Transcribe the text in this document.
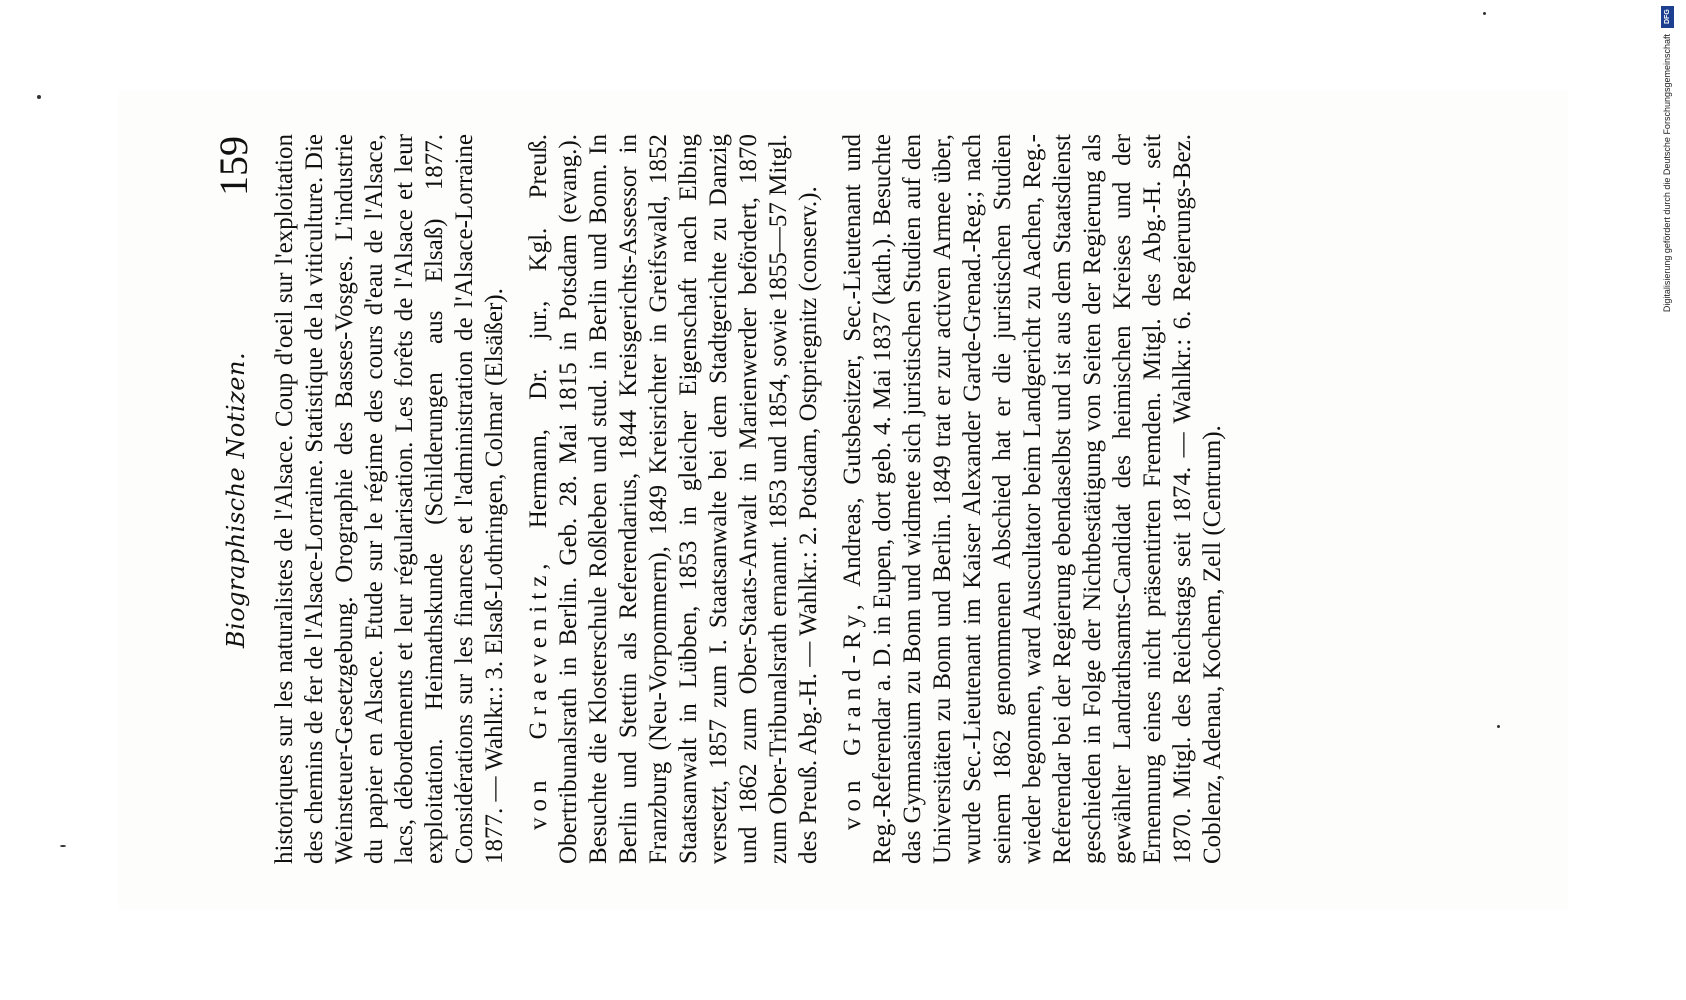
Biographische Notizen.
159 historiques sur les naturalistes de l'Alsace. Coup d'oeil sur l'exploitation des chemins de fer de l'Alsace-Lorraine. Statistique de la viticulture. Die Weinsteuer-Gesetzgebung. Orographie des Basses-Vosges. L'industrie du papier en Alsace. Etude sur le régime des cours d'eau de l'Alsace, lacs, débordements et leur régularisation. Les forêts de l'Alsace et leur exploitation. Heimathskunde (Schilderungen aus Elsaß) 1877. Considérations sur les finances et l'administration de l'Alsace-Lorraine 1877. — Wahlkr.: 3. Elsaß-Lothringen, Colmar (Elsäßer). von Graevenitz, Hermann, Dr. jur., Kgl. Preuß. Obertribunalsrath in Berlin. Geb. 28. Mai 1815 in Potsdam (evang.). Besuchte die Klosterschule Roßleben und stud. in Berlin und Bonn. In Berlin und Stettin als Referendarius, 1844 Kreisgerichts-Assessor in Franzburg (Neu-Vorpommern), 1849 Kreisrichter in Greifswald, 1852 Staatsanwalt in Lübben, 1853 in gleicher Eigenschaft nach Elbing versetzt, 1857 zum I. Staatsanwalte bei dem Stadtgerichte zu Danzig und 1862 zum Ober-Staats-Anwalt in Marienwerder befördert, 1870 zum Ober-Tribunalsrath ernannt. 1853 und 1854, sowie 1855—57 Mitgl. des Preuß. Abg.-H. — Wahlkr.: 2. Potsdam, Ostpriegnitz (conserv.). von Grand-Ry, Andreas, Gutsbesitzer, Sec.-Lieutenant und Reg.-Referendar a. D. in Eupen, dort geb. 4. Mai 1837 (kath.). Besuchte das Gymnasium zu Bonn und widmete sich juristischen Studien auf den Universitäten zu Bonn und Berlin. 1849 trat er zur activen Armee über, wurde Sec.-Lieutenant im Kaiser Alexander Garde-Grenad.-Reg.; nach seinem 1862 genommenen Abschied hat er die juristischen Studien wieder begonnen, ward Auscultator beim Landgericht zu Aachen, Reg.-Referendar bei der Regierung ebendaselbst und ist aus dem Staatsdienst geschieden in Folge der Nichtbestätigung von Seiten der Regierung als gewählter Landrathsamts-Candidat des heimischen Kreises und der Ernennung eines nicht präsentirten Fremden. Mitgl. des Abg.-H. seit 1870. Mitgl. des Reichstags seit 1874. — Wahlkr.: 6. Regierungs-Bez. Coblenz, Adenau, Kochem, Zell (Centrum).

DFG
Digitalisierung gefördert durch die Deutsche Forschungsgemeinschaft
